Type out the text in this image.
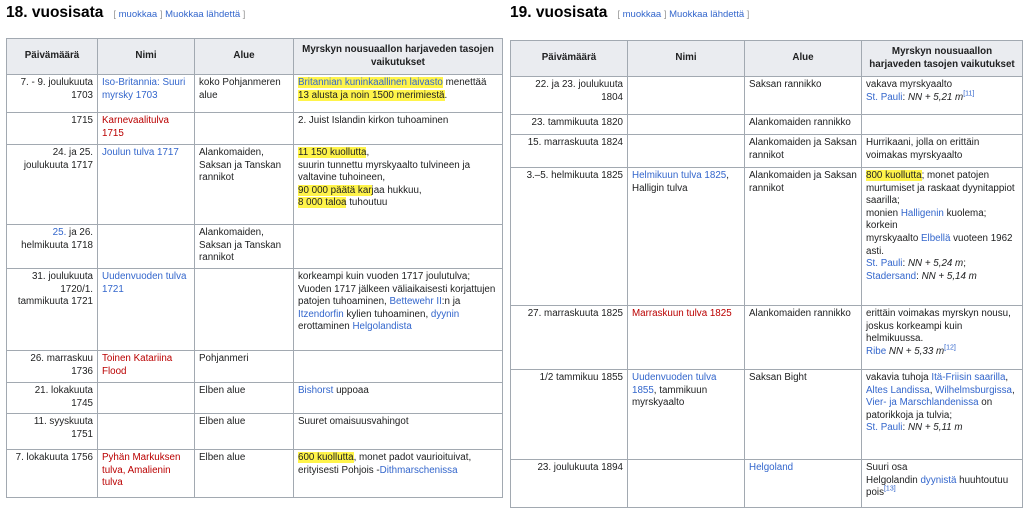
18. vuosisata [ muokkaa ] Muokkaa lähdettä ]
Päivämäärä	Nimi	Alue	Myrskyn nousuaallon harjaveden tasojen vaikutukset
7. - 9. joulukuuta 1703	Iso-Britannia: Suuri myrsky 1703	koko Pohjanmeren alue	Britannian kuninkaallinen laivasto menettää 13 alusta ja noin 1500 merimiestä.
1715	Karnevaalitulva 1715		2. Juist Islandin kirkon tuhoaminen
24. ja 25. joulukuuta 1717	Joulun tulva 1717	Alankomaiden, Saksan ja Tanskan rannikot	11 150 kuollutta,
suurin tunnettu myrskyaalto tulvineen ja valtavine tuhoineen,
90 000 päätä karjaa hukkuu,
8 000 taloa tuhoutuu
25. ja 26. helmikuuta 1718		Alankomaiden, Saksan ja Tanskan rannikot	
31. joulukuuta 1720/1. tammikuuta 1721	Uudenvuoden tulva 1721		korkeampi kuin vuoden 1717 joulutulva;
Vuoden 1717 jälkeen väliaikaisesti korjattujen patojen tuhoaminen, Bettewehr II:n ja Itzendorfin kylien tuhoaminen, dyynin erottaminen Helgolandista
26. marraskuu 1736	Toinen Katariina Flood	Pohjanmeri	
21. lokakuuta 1745		Elben alue	Bishorst uppoaa
11. syyskuuta 1751		Elben alue	Suuret omaisuusvahingot
7. lokakuuta 1756	Pyhän Markuksen tulva, Amalienin tulva	Elben alue	600 kuollutta, monet padot vaurioituivat, erityisesti Pohjois -Dithmarschenissa
19. vuosisata [ muokkaa ] Muokkaa lähdettä ]
Päivämäärä	Nimi	Alue	Myrskyn nousuaallon harjaveden tasojen vaikutukset
22. ja 23. joulukuuta 1804		Saksan rannikko	vakava myrskyaalto
St. Pauli: NN + 5,21 m[11]
23. tammikuuta 1820		Alankomaiden rannikko	
15. marraskuuta 1824		Alankomaiden ja Saksan rannikot	Hurrikaani, jolla on erittäin voimakas myrskyaalto
3.–5. helmikuuta 1825	Helmikuun tulva 1825, Halligin tulva	Alankomaiden ja Saksan rannikot	800 kuollutta; monet patojen murtumiset ja raskaat dyynitappiot saarilla;
monien Halligenin kuolema;
korkein
myrskyaalto Elbellä vuoteen 1962 asti.
St. Pauli: NN + 5,24 m; Stadersand: NN + 5,14 m
27. marraskuuta 1825	Marraskuun tulva 1825	Alankomaiden rannikko	erittäin voimakas myrskyn nousu, joskus korkeampi kuin helmikuussa.
Ribe NN + 5,33 m[12]
1/2 tammikuu 1855	Uudenvuoden tulva 1855, tammikuun myrskyaalto	Saksan Bight	vakavia tuhoja Itä-Friisin saarilla, Altes Landissa, Wilhelmsburgissa, Vier- ja Marschlandenissa on patorikkoja ja tulvia;
St. Pauli: NN + 5,11 m
23. joulukuuta 1894		Helgoland	Suuri osa
Helgolandin dyynistä huuhtoutuu pois[13]
